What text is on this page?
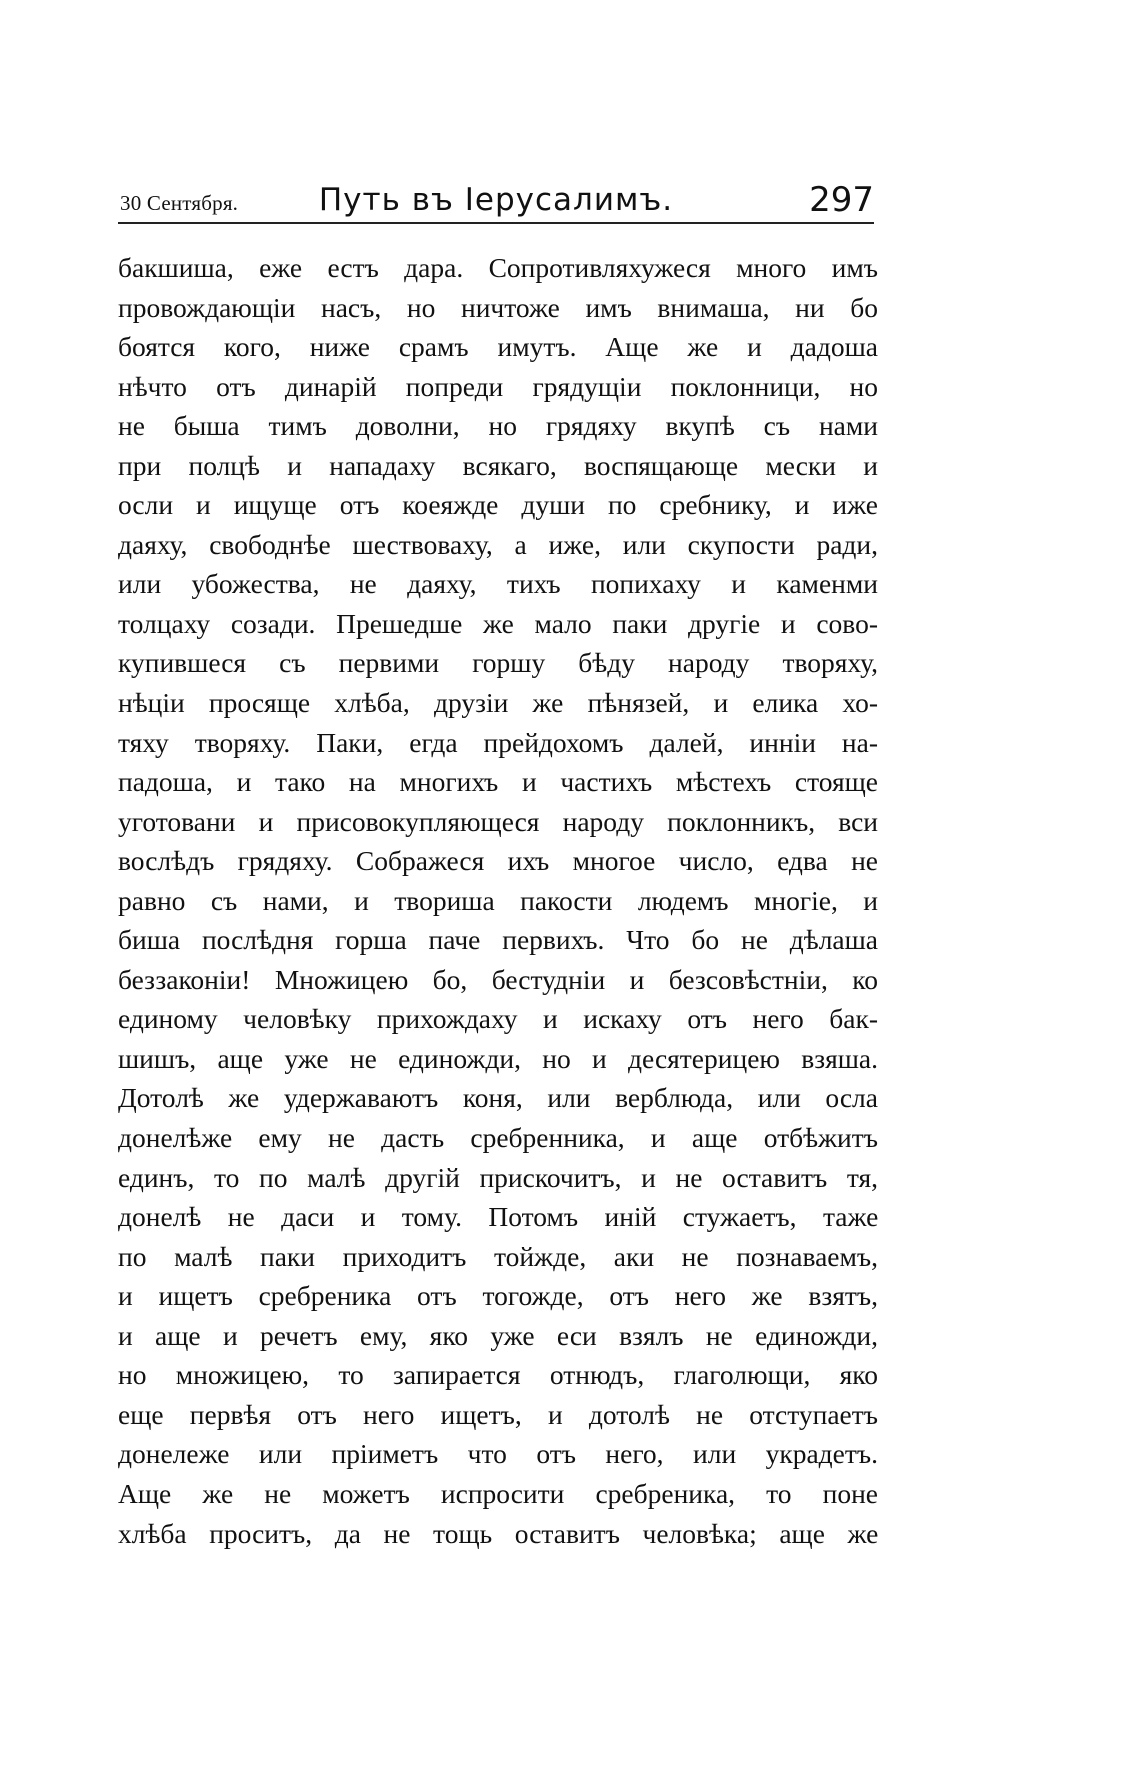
30 Сентября.	Путь въ Іерусалимъ.	297
бакшиша, еже естъ дара. Сопротивляхужеся много имъ
провождающіи насъ, но ничтоже имъ внимаша, ни бо
боятся кого, ниже срамъ имутъ. Аще же и дадоша
нѣчто отъ динарій попреди грядущіи поклонници, но
не быша тимъ доволни, но грядяху вкупѣ съ нами
при полцѣ и нападаху всякаго, воспящающе мески и
осли и ищуще отъ коеяжде души по сребнику, и иже
даяху, свободнѣе шествоваху, а иже, или скупости ради,
или убожества, не даяху, тихъ попихаху и каменми
толцаху созади. Прешедше же мало паки другіе и сово-
купившеся съ первими горшу бѣду народу творяху,
нѣціи просяще хлѣба, друзіи же пѣнязей, и елика хо-
тяху творяху. Паки, егда прейдохомъ далей, инніи на-
падоша, и тако на многихъ и частихъ мѣстехъ стояще
уготовани и присовокупляющеся народу поклонникъ, вси
вослѣдъ грядяху. Сображеся ихъ многое число, едва не
равно съ нами, и твориша пакости людемъ многіе, и
биша послѣдня горша паче первихъ. Что бо не дѣлаша
беззаконіи! Множицею бо, бестудніи и безсовѣстніи, ко
единому человѣку прихождаху и искаху отъ него бак-
шишъ, аще уже не единожди, но и десятерицею взяша.
Дотолѣ же удержаваютъ коня, или верблюда, или осла
донелѣже ему не дасть сребренника, и аще отбѣжитъ
единъ, то по малѣ другій прискочитъ, и не оставитъ тя,
донелѣ не даси и тому. Потомъ иній стужаетъ, таже
по малѣ паки приходитъ тойжде, аки не познаваемъ,
и ищетъ сребреника отъ тогожде, отъ него же взятъ,
и аще и речетъ ему, яко уже еси взялъ не единожди,
но множицею, то запирается отнюдъ, глаголющи, яко
еще первѣя отъ него ищетъ, и дотолѣ не отступаетъ
донележе или пріиметъ что отъ него, или украдетъ.
Аще же не можетъ испросити сребреника, то поне
хлѣба проситъ, да не тощь оставитъ человѣка; аще же
